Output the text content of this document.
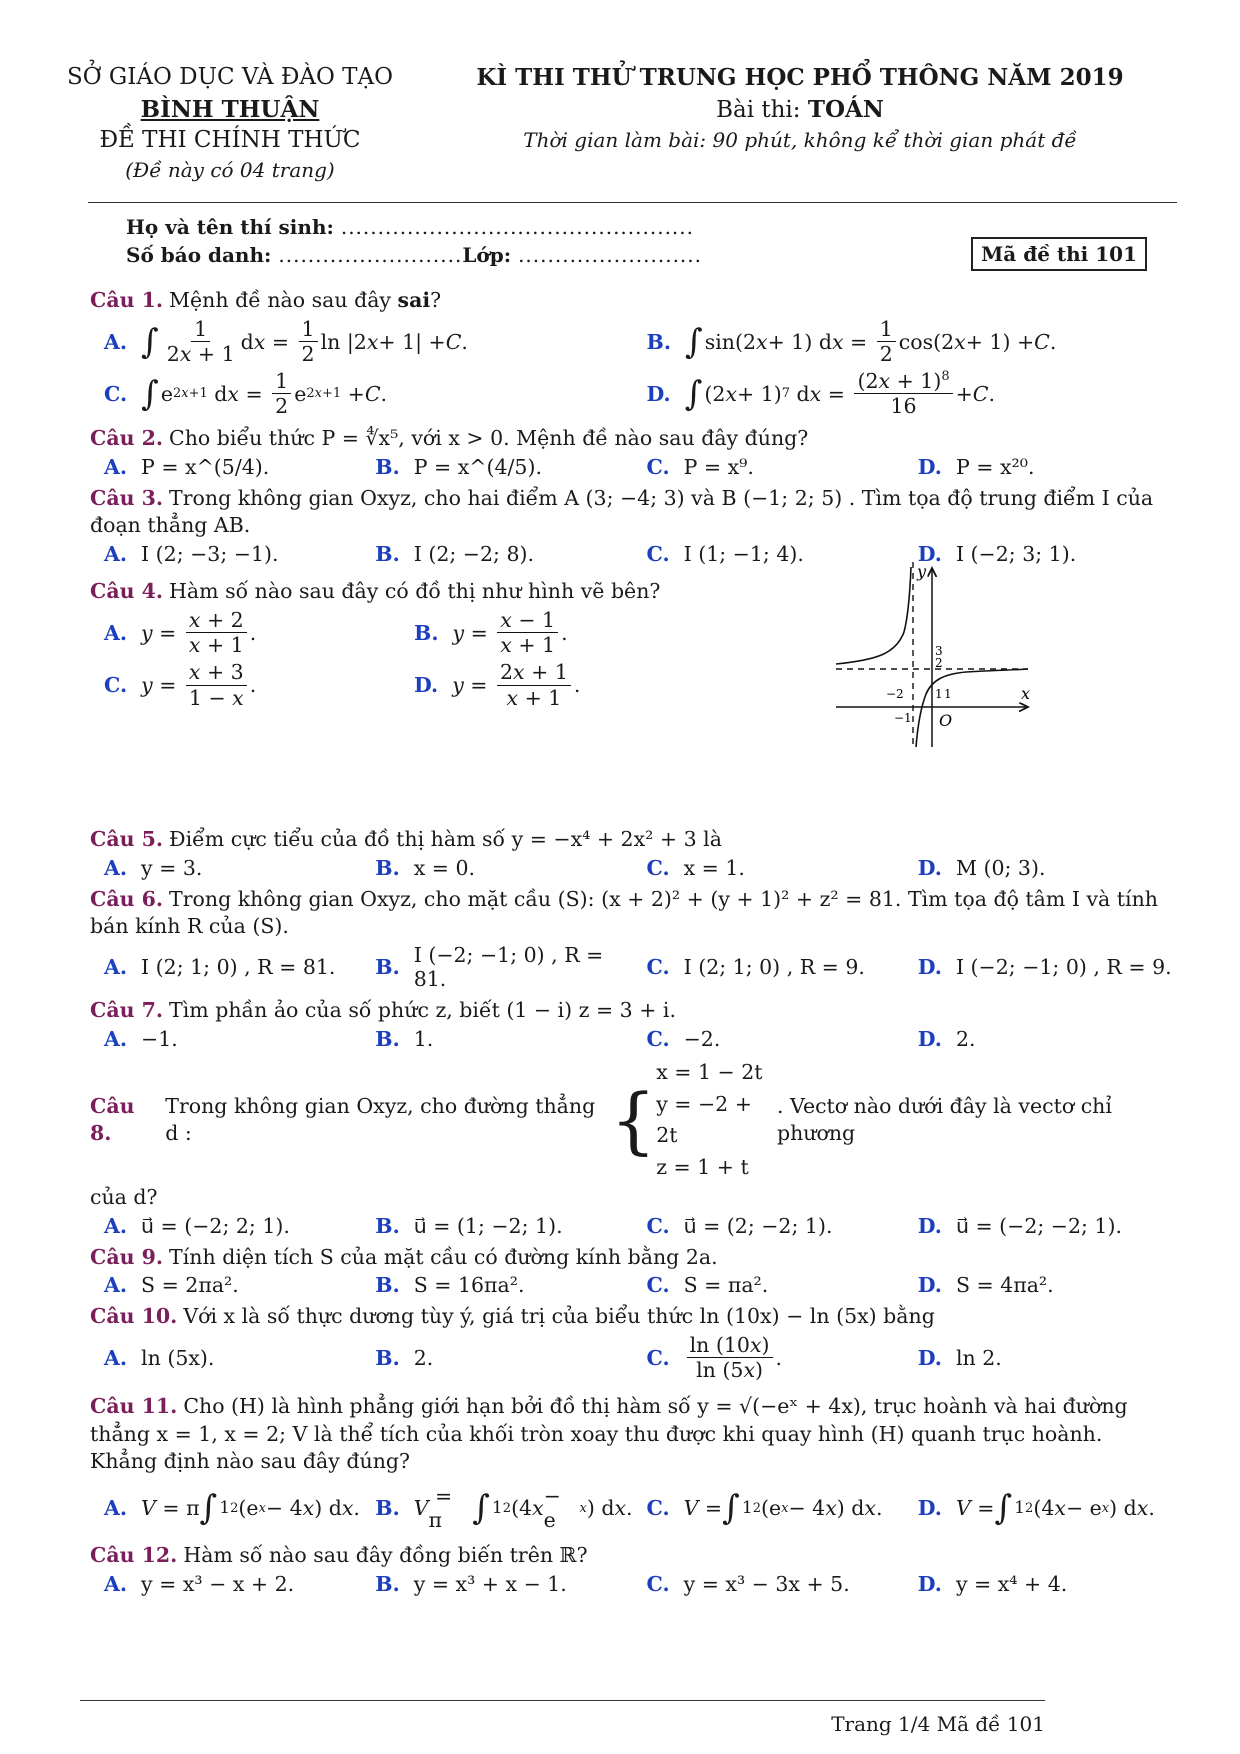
SỞ GIÁO DỤC VÀ ĐÀO TẠO
BÌNH THUẬN
ĐỀ THI CHÍNH THỨC
(Đề này có 04 trang)
KÌ THI THỬ TRUNG HỌC PHỔ THÔNG NĂM 2019
Bài thi: TOÁN
Thời gian làm bài: 90 phút, không kể thời gian phát đề
Họ và tên thí sinh: ................................................
Số báo danh: .........................Lớp: .........................	Mã đề thi 101
Câu 1. Mệnh đề nào sau đây sai?
A. ∫ $\frac{1}{2x + 1}$ d $x = \frac{1}{2}$ ln |2 x + 1| + C .	B. ∫ sin(2 x + 1) d $x = \frac{1}{2} \cos(2$ x + 1) + C .
C. ∫ e 2x+1 d $x = \frac{1}{2}$ e 2x+1 + C .	D. ∫ (2 x + 1) 7 d $x = \frac{(2x + 1)^8}{16} + C$ .
Câu 2. Cho biểu thức P = ∜x⁵, với x > 0. Mệnh đề nào sau đây đúng?
A. P = x^(5/4).	B. P = x^(4/5).	C. P = x⁹.	D. P = x²⁰.
Câu 3. Trong không gian Oxyz, cho hai điểm A (3; −4; 3) và B (−1; 2; 5) . Tìm tọa độ trung điểm I của đoạn thẳng AB.
A. I (2; −3; −1).	B. I (2; −2; 8).	C. I (1; −1; 4).	D. I (−2; 3; 1).
Câu 4. Hàm số nào sau đây có đồ thị như hình vẽ bên?
A. $y = \frac{x + 2}{x + 1}$ .	B. $y = \frac{x - 1}{x + 1}$ .
C. $y = \frac{x + 3}{1 - x}$ .	D. $y = \frac{2x + 1}{x + 1}$ .
Câu 5. Điểm cực tiểu của đồ thị hàm số y = −x⁴ + 2x² + 3 là
A. y = 3.	B. x = 0.	C. x = 1.	D. M (0; 3).
Câu 6. Trong không gian Oxyz, cho mặt cầu (S): (x + 2)² + (y + 1)² + z² = 81. Tìm tọa độ tâm I và tính bán kính R của (S).
A. I (2; 1; 0) , R = 81. B. I (−2; −1; 0) , R = 81.	C. I (2; 1; 0) , R = 9.	D. I (−2; −1; 0) , R = 9.
Câu 7. Tìm phần ảo của số phức z, biết (1 − i) z = 3 + i.
A. −1.	B. 1.	C. −2.	D. 2.
Câu 8.
Trong không gian Oxyz, cho đường thẳng d :	{
x = 1 − 2t
y = −2 + 2t
z = 1 + t
. Vectơ nào dưới đây là vectơ chỉ phương
của d?
A. u⃗ = (−2; 2; 1).	B. u⃗ = (1; −2; 1).	C. u⃗ = (2; −2; 1).	D. u⃗ = (−2; −2; 1).
Câu 9. Tính diện tích S của mặt cầu có đường kính bằng 2a.
A. S = 2πa².	B. S = 16πa².	C. S = πa².	D. S = 4πa².
Câu 10. Với x là số thực dương tùy ý, giá trị của biểu thức ln (10x) − ln (5x) bằng
A. ln (5x).	B. 2.	C. $\frac{\ln (10x)}{\ln (5x)}$ .	D. ln 2.
Câu 11. Cho (H) là hình phẳng giới hạn bởi đồ thị hàm số y = √(−eˣ + 4x), trục hoành và hai đường thẳng x = 1, x = 2; V là thể tích của khối tròn xoay thu được khi quay hình (H) quanh trục hoành. Khẳng định nào sau đây đúng?
A. V = π ∫ 1 2 (e x − 4 x ) d x . B. V = π ∫ 1 2 (4 x − e x ) d x . C. V = ∫ 1 2 (e x − 4 x ) d x .	D. V = ∫ 1 2 (4 x − e x ) d x .
Câu 12. Hàm số nào sau đây đồng biến trên ℝ?
A. y = x³ − x + 2.	B. y = x³ + x − 1.	C. y = x³ − 3x + 5.	D. y = x⁴ + 4.
y
x
O
3
2
−2	1 1
−1
Trang 1/4 Mã đề 101
